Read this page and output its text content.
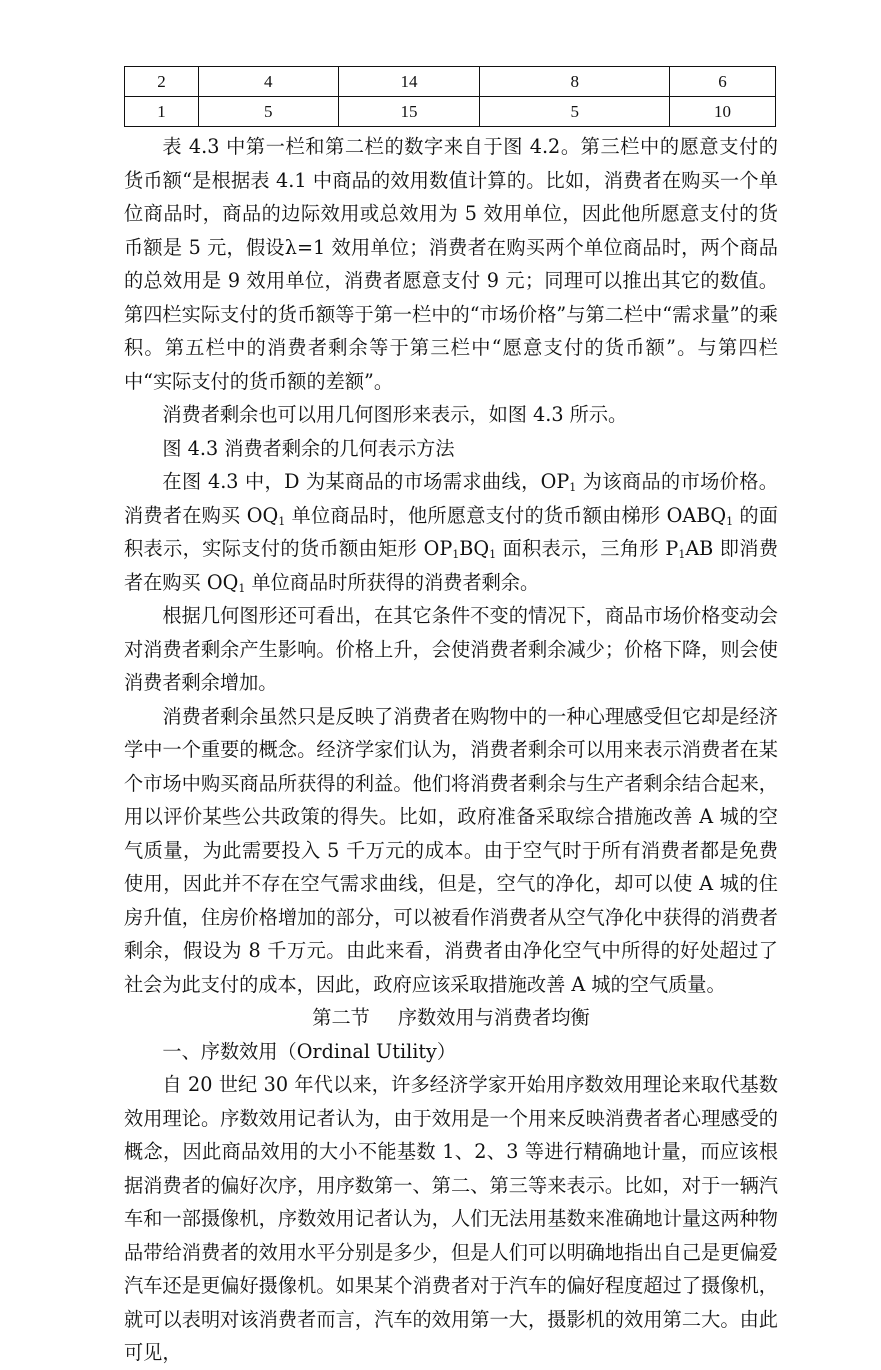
2	4	14	8	6
1	5	15	5	10

表 4.3 中第一栏和第二栏的数字来自于图 4.2。第三栏中的愿意支付的货币额“是根据表 4.1 中商品的效用数值计算的。比如，消费者在购买一个单位商品时，商品的边际效用或总效用为 5 效用单位，因此他所愿意支付的货币额是 5 元，假设λ=1 效用单位；消费者在购买两个单位商品时，两个商品的总效用是 9 效用单位，消费者愿意支付 9 元；同理可以推出其它的数值。第四栏实际支付的货币额等于第一栏中的“市场价格”与第二栏中“需求量”的乘积。第五栏中的消费者剩余等于第三栏中“愿意支付的货币额”。与第四栏中“实际支付的货币额的差额”。

消费者剩余也可以用几何图形来表示，如图 4.3 所示。

图 4.3 消费者剩余的几何表示方法

在图 4.3 中，D 为某商品的市场需求曲线，$OP_1$ 为该商品的市场价格。消费者在购买 $OQ_1$ 单位商品时，他所愿意支付的货币额由梯形 $OABQ_1$ 的面积表示，实际支付的货币额由矩形 $OP_1BQ_1$ 面积表示，三角形 $P_1AB$ 即消费者在购买 $OQ_1$ 单位商品时所获得的消费者剩余。

根据几何图形还可看出，在其它条件不变的情况下，商品市场价格变动会对消费者剩余产生影响。价格上升，会使消费者剩余减少；价格下降，则会使消费者剩余增加。

消费者剩余虽然只是反映了消费者在购物中的一种心理感受但它却是经济学中一个重要的概念。经济学家们认为，消费者剩余可以用来表示消费者在某个市场中购买商品所获得的利益。他们将消费者剩余与生产者剩余结合起来，用以评价某些公共政策的得失。比如，政府准备采取综合措施改善 A 城的空气质量，为此需要投入 5 千万元的成本。由于空气时于所有消费者都是免费使用，因此并不存在空气需求曲线，但是，空气的净化，却可以使 A 城的住房升值，住房价格增加的部分，可以被看作消费者从空气净化中获得的消费者剩余，假设为 8 千万元。由此来看，消费者由净化空气中所得的好处超过了社会为此支付的成本，因此，政府应该采取措施改善 A 城的空气质量。

第二节 序数效用与消费者均衡

一、序数效用（Ordinal Utility）

自 20 世纪 30 年代以来，许多经济学家开始用序数效用理论来取代基数效用理论。序数效用记者认为，由于效用是一个用来反映消费者者心理感受的概念，因此商品效用的大小不能基数 1、2、3 等进行精确地计量，而应该根据消费者的偏好次序，用序数第一、第二、第三等来表示。比如，对于一辆汽车和一部摄像机，序数效用记者认为，人们无法用基数来准确地计量这两种物品带给消费者的效用水平分别是多少，但是人们可以明确地指出自己是更偏爱汽车还是更偏好摄像机。如果某个消费者对于汽车的偏好程度超过了摄像机，就可以表明对该消费者而言，汽车的效用第一大，摄影机的效用第二大。由此可见，
